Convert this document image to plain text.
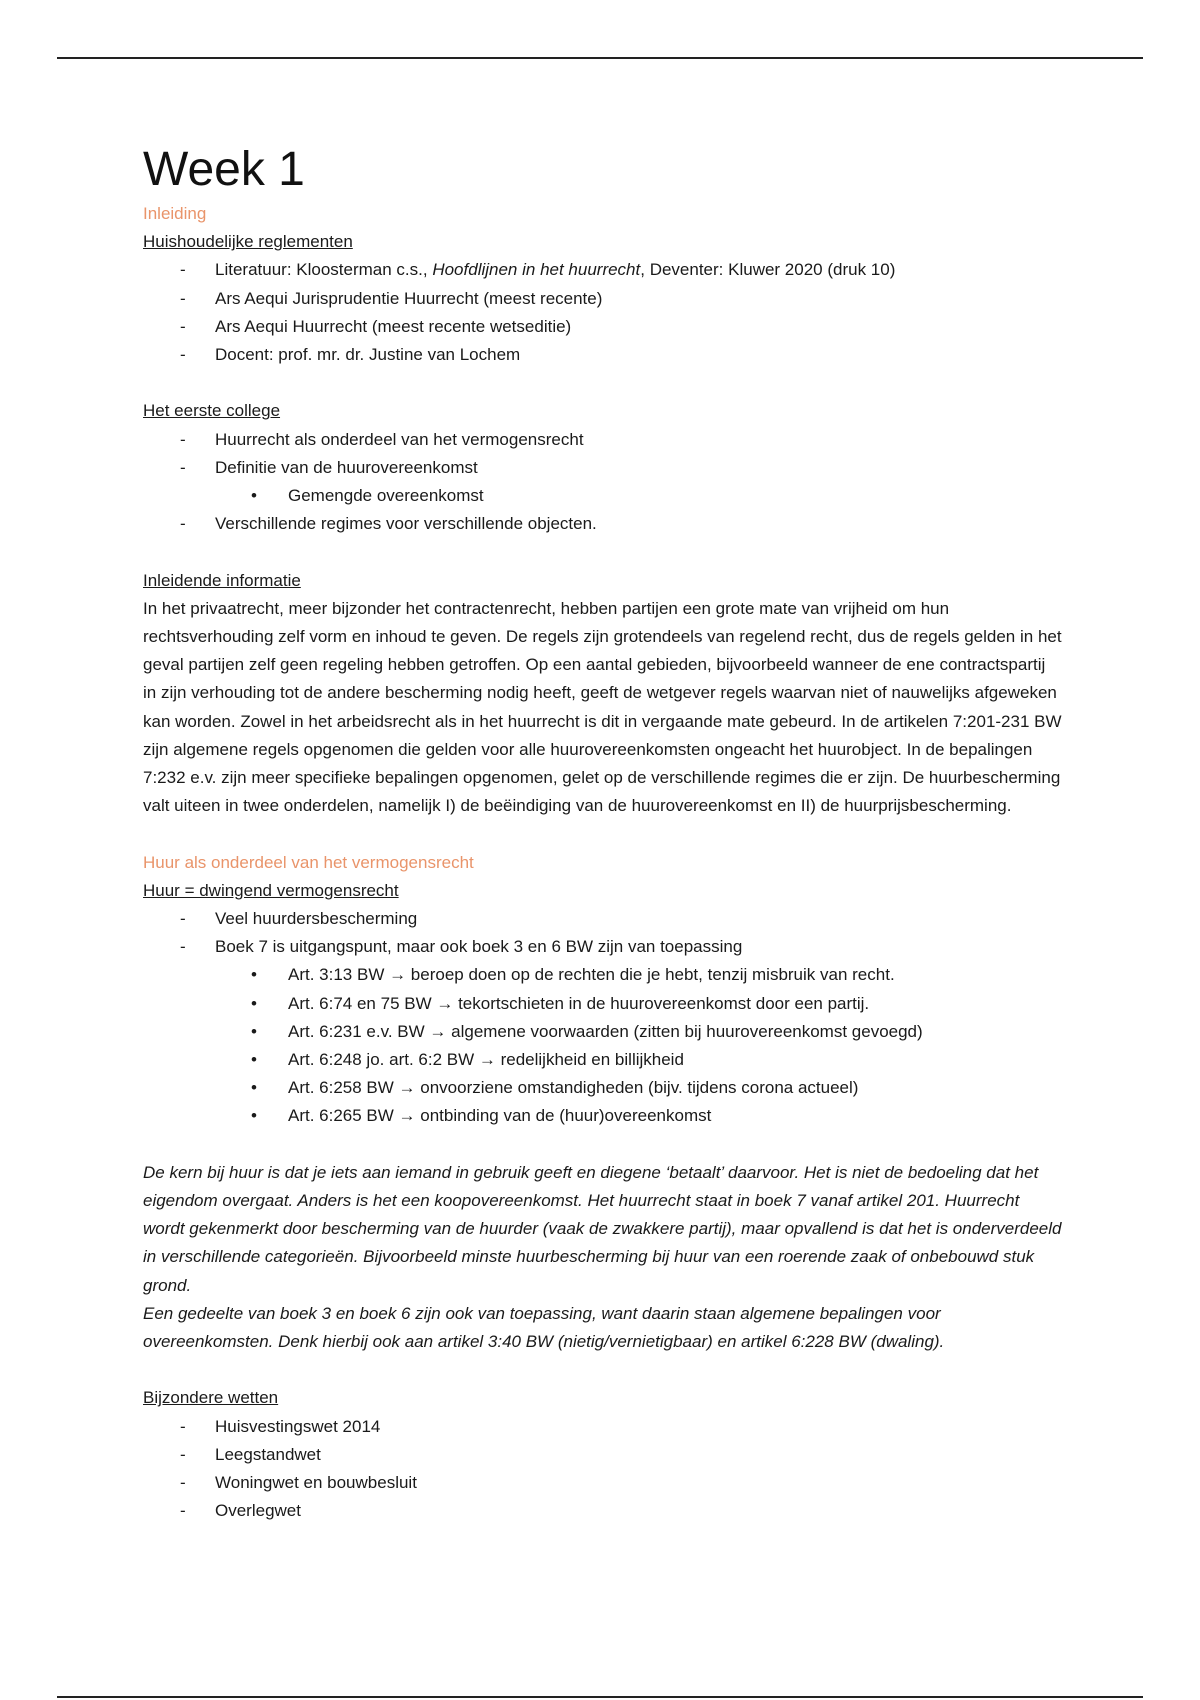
Week 1

Inleiding

Huishoudelijke reglementen

- Literatuur: Kloosterman c.s., Hoofdlijnen in het huurrecht, Deventer: Kluwer 2020 (druk 10)
- Ars Aequi Jurisprudentie Huurrecht (meest recente)
- Ars Aequi Huurrecht (meest recente wetseditie)
- Docent: prof. mr. dr. Justine van Lochem

Het eerste college

- Huurrecht als onderdeel van het vermogensrecht
- Definitie van de huurovereenkomst
• Gemengde overeenkomst
- Verschillende regimes voor verschillende objecten.

Inleidende informatie

In het privaatrecht, meer bijzonder het contractenrecht, hebben partijen een grote mate van vrijheid om hun rechtsverhouding zelf vorm en inhoud te geven. De regels zijn grotendeels van regelend recht, dus de regels gelden in het geval partijen zelf geen regeling hebben getroffen. Op een aantal gebieden, bijvoorbeeld wanneer de ene contractspartij in zijn verhouding tot de andere bescherming nodig heeft, geeft de wetgever regels waarvan niet of nauwelijks afgeweken kan worden. Zowel in het arbeidsrecht als in het huurrecht is dit in vergaande mate gebeurd. In de artikelen 7:201-231 BW zijn algemene regels opgenomen die gelden voor alle huurovereenkomsten ongeacht het huurobject. In de bepalingen 7:232 e.v. zijn meer specifieke bepalingen opgenomen, gelet op de verschillende regimes die er zijn. De huurbescherming valt uiteen in twee onderdelen, namelijk I) de beëindiging van de huurovereenkomst en II) de huurprijsbescherming.

Huur als onderdeel van het vermogensrecht

Huur = dwingend vermogensrecht

- Veel huurdersbescherming
- Boek 7 is uitgangspunt, maar ook boek 3 en 6 BW zijn van toepassing
• Art. 3:13 BW → beroep doen op de rechten die je hebt, tenzij misbruik van recht.
• Art. 6:74 en 75 BW → tekortschieten in de huurovereenkomst door een partij.
• Art. 6:231 e.v. BW → algemene voorwaarden (zitten bij huurovereenkomst gevoegd)
• Art. 6:248 jo. art. 6:2 BW → redelijkheid en billijkheid
• Art. 6:258 BW → onvoorziene omstandigheden (bijv. tijdens corona actueel)
• Art. 6:265 BW → ontbinding van de (huur)overeenkomst

De kern bij huur is dat je iets aan iemand in gebruik geeft en diegene ‘betaalt’ daarvoor. Het is niet de bedoeling dat het eigendom overgaat. Anders is het een koopovereenkomst. Het huurrecht staat in boek 7 vanaf artikel 201. Huurrecht wordt gekenmerkt door bescherming van de huurder (vaak de zwakkere partij), maar opvallend is dat het is onderverdeeld in verschillende categorieën. Bijvoorbeeld minste huurbescherming bij huur van een roerende zaak of onbebouwd stuk grond.

Een gedeelte van boek 3 en boek 6 zijn ook van toepassing, want daarin staan algemene bepalingen voor overeenkomsten. Denk hierbij ook aan artikel 3:40 BW (nietig/vernietigbaar) en artikel 6:228 BW (dwaling).

Bijzondere wetten

- Huisvestingswet 2014
- Leegstandwet
- Woningwet en bouwbesluit
- Overlegwet
